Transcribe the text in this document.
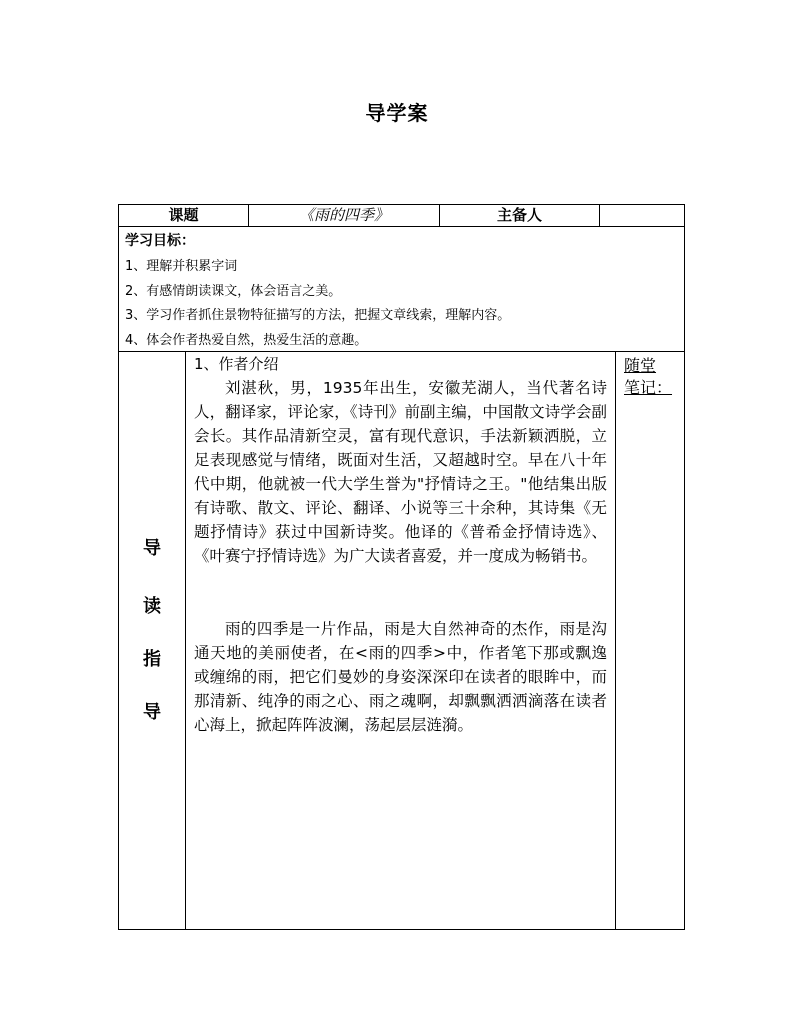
导学案
课题	《雨的四季》	主备人
学习目标：
1、理解并积累字词
2、有感情朗读课文，体会语言之美。
3、学习作者抓住景物特征描写的方法，把握文章线索，理解内容。
4、体会作者热爱自然，热爱生活的意趣。
导
读
指
导
1、作者介绍

刘湛秋，男，1935年出生，安徽芜湖人，当代著名诗人，翻译家，评论家，《诗刊》前副主编，中国散文诗学会副会长。其作品清新空灵，富有现代意识，手法新颖洒脱，立足表现感觉与情绪，既面对生活，又超越时空。早在八十年代中期，他就被一代大学生誉为"抒情诗之王。"他结集出版有诗歌、散文、评论、翻译、小说等三十余种，其诗集《无题抒情诗》获过中国新诗奖。他译的《普希金抒情诗选》、《叶赛宁抒情诗选》为广大读者喜爱，并一度成为畅销书。

雨的四季是一片作品，雨是大自然神奇的杰作，雨是沟通天地的美丽使者，在<雨的四季>中，作者笔下那或飘逸或缠绵的雨，把它们曼妙的身姿深深印在读者的眼眸中，而那清新、纯净的雨之心、雨之魂啊，却飘飘洒洒滴落在读者心海上，掀起阵阵波澜，荡起层层涟漪。

随堂
笔记：
